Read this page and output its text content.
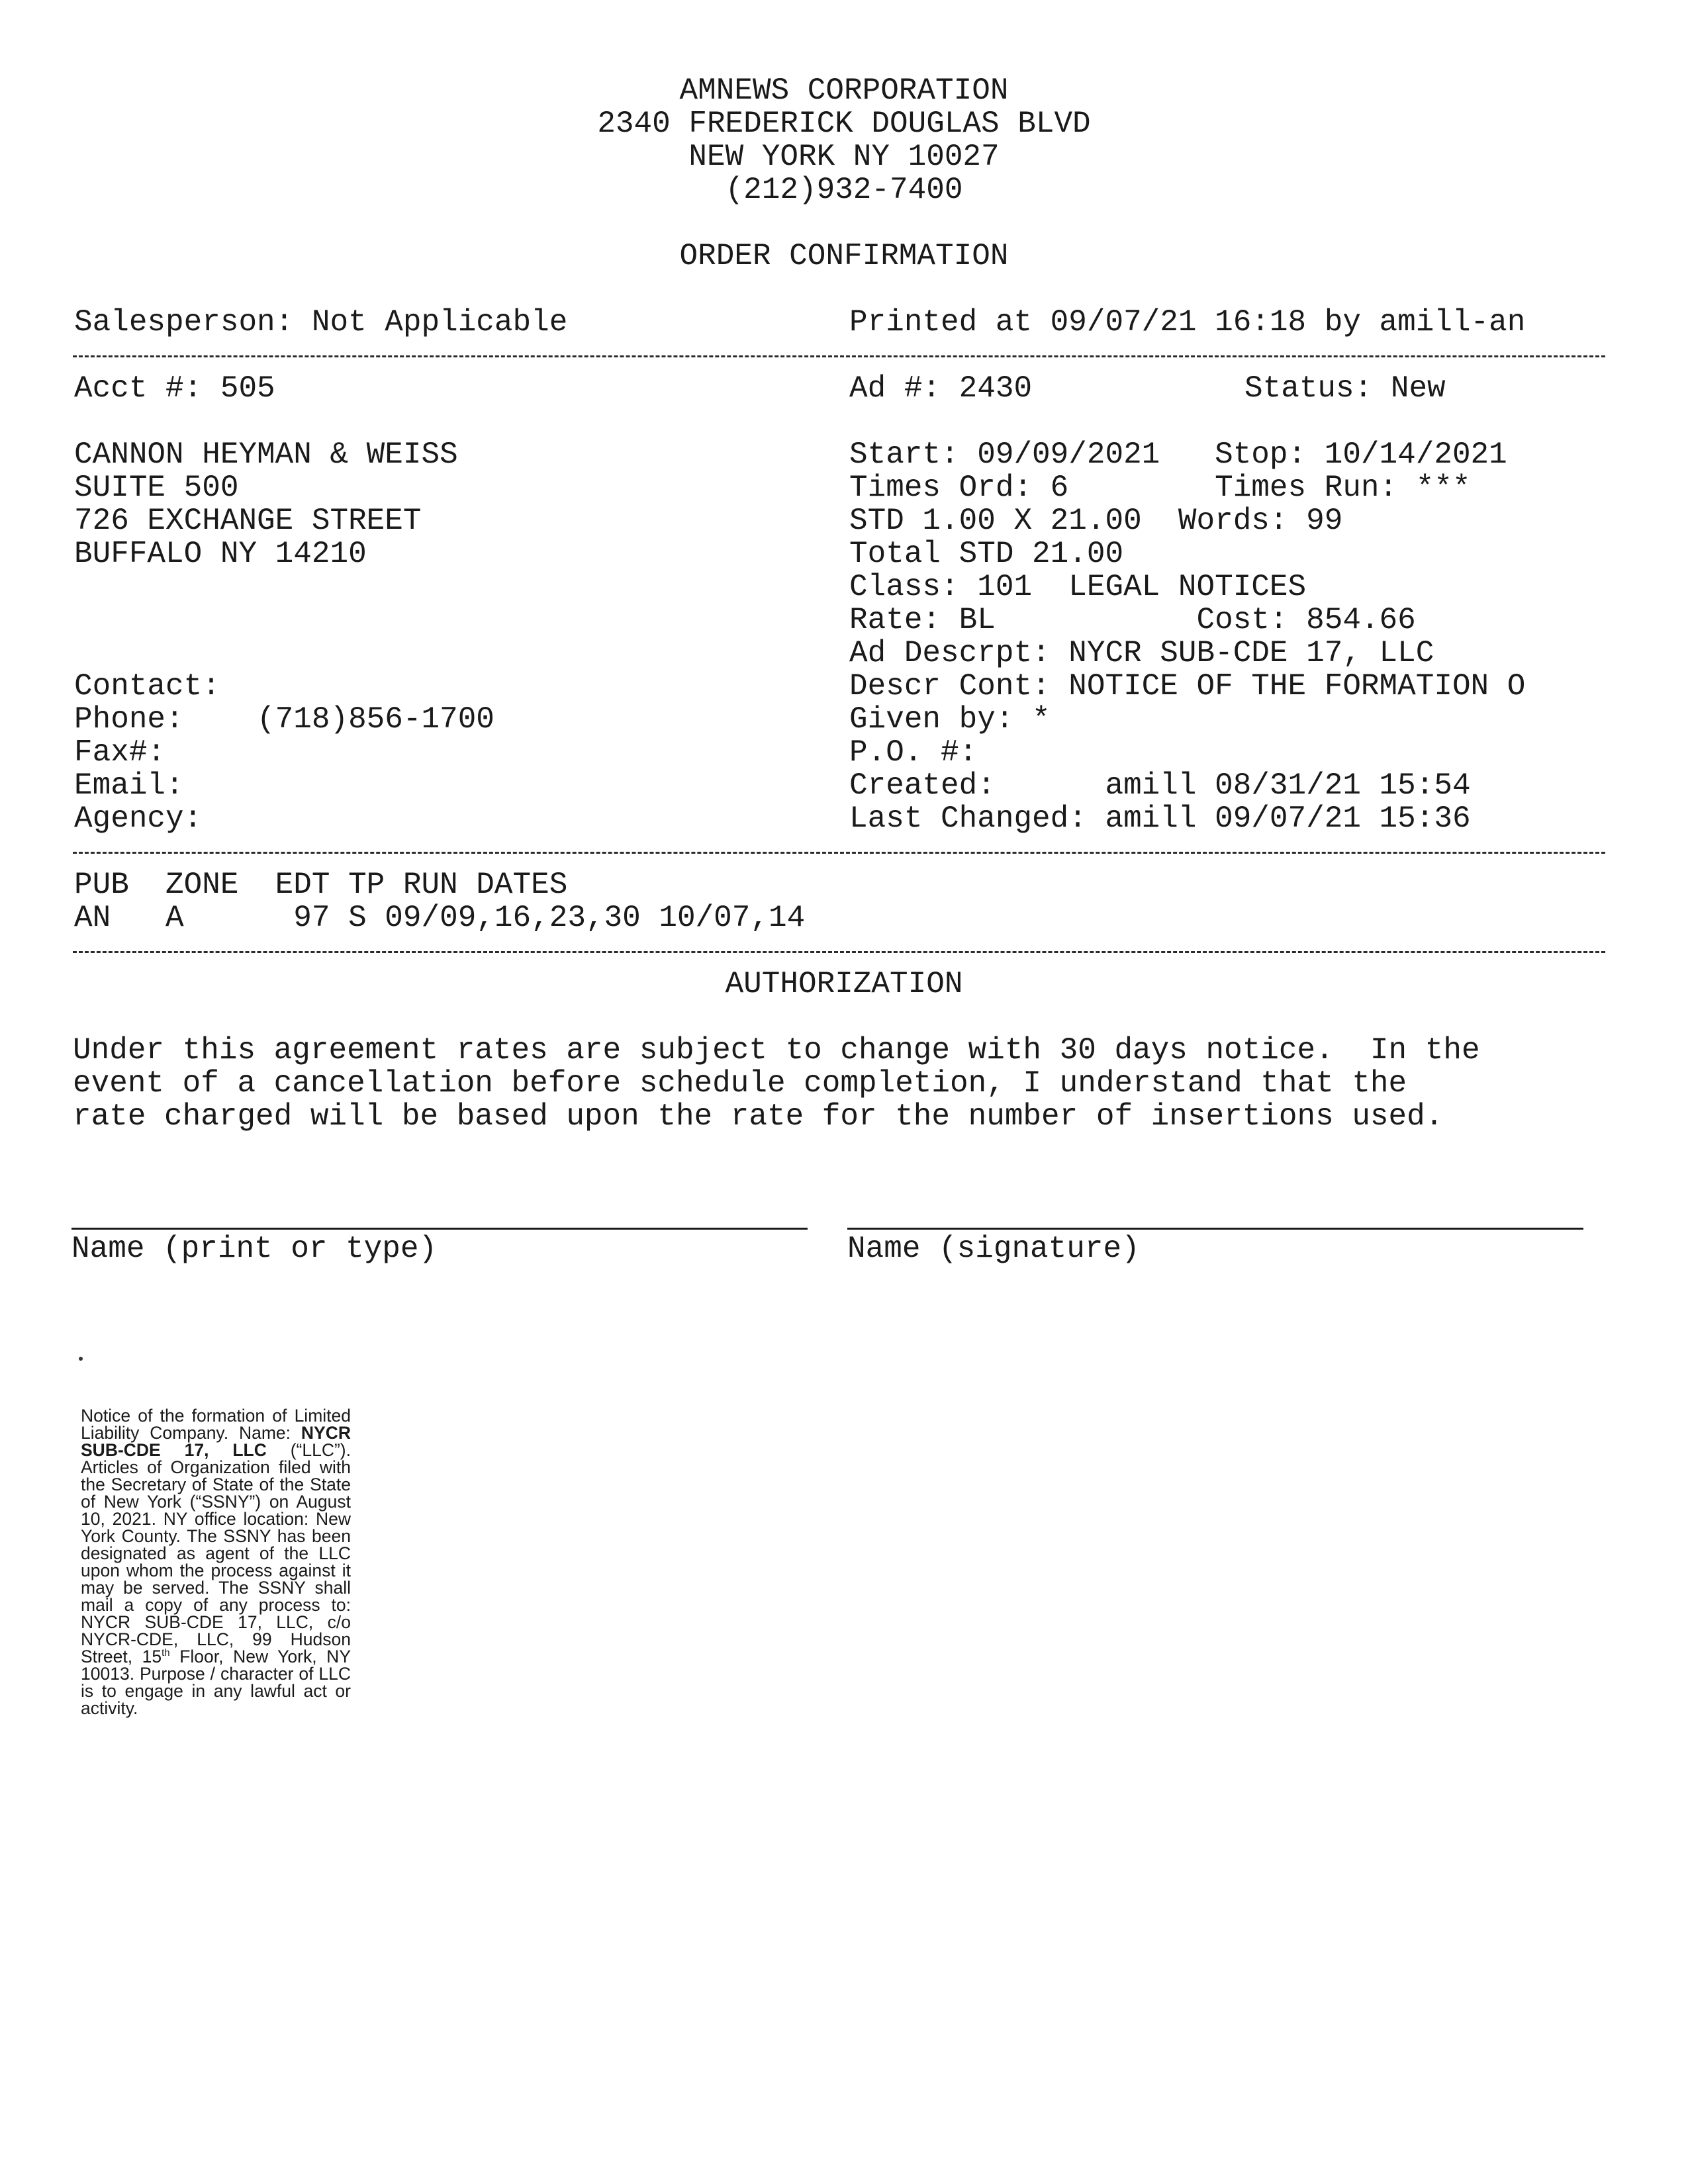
AMNEWS CORPORATION
2340 FREDERICK DOUGLAS BLVD
NEW YORK NY 10027
(212)932-7400
ORDER CONFIRMATION
Salesperson: Not Applicable	Printed at 09/07/21 16:18 by amill-an
Acct #: 505	Ad #: 2430	Status: New
CANNON HEYMAN & WEISS
SUITE 500
726 EXCHANGE STREET
BUFFALO NY 14210
Start: 09/09/2021   Stop: 10/14/2021
Times Ord: 6        Times Run: ***
STD 1.00 X 21.00  Words: 99
Total STD 21.00
Class: 101  LEGAL NOTICES
Rate: BL           Cost: 854.66
Ad Descrpt: NYCR SUB-CDE 17, LLC
Descr Cont: NOTICE OF THE FORMATION O
Given by: *
P.O. #:
Created:      amill 08/31/21 15:54
Last Changed: amill 09/07/21 15:36
Contact:
Phone:    (718)856-1700
Fax#:
Email:
Agency:
PUB  ZONE  EDT TP RUN DATES
AN   A      97 S 09/09,16,23,30 10/07,14
AUTHORIZATION
Under this agreement rates are subject to change with 30 days notice.  In the
event of a cancellation before schedule completion, I understand that the
rate charged will be based upon the rate for the number of insertions used.
Name (print or type)	Name (signature)
Notice of the formation of Limited Liability Company. Name: NYCR SUB-CDE 17, LLC (“LLC”). Articles of Organization filed with the Secretary of State of the State of New York (“SSNY”) on August 10, 2021. NY office location: New York County. The SSNY has been designated as agent of the LLC upon whom the process against it may be served. The SSNY shall mail a copy of any process to: NYCR SUB-CDE 17, LLC, c/o NYCR-CDE, LLC, 99 Hudson Street, 15th Floor, New York, NY 10013. Purpose / character of LLC is to engage in any lawful act or activity.
